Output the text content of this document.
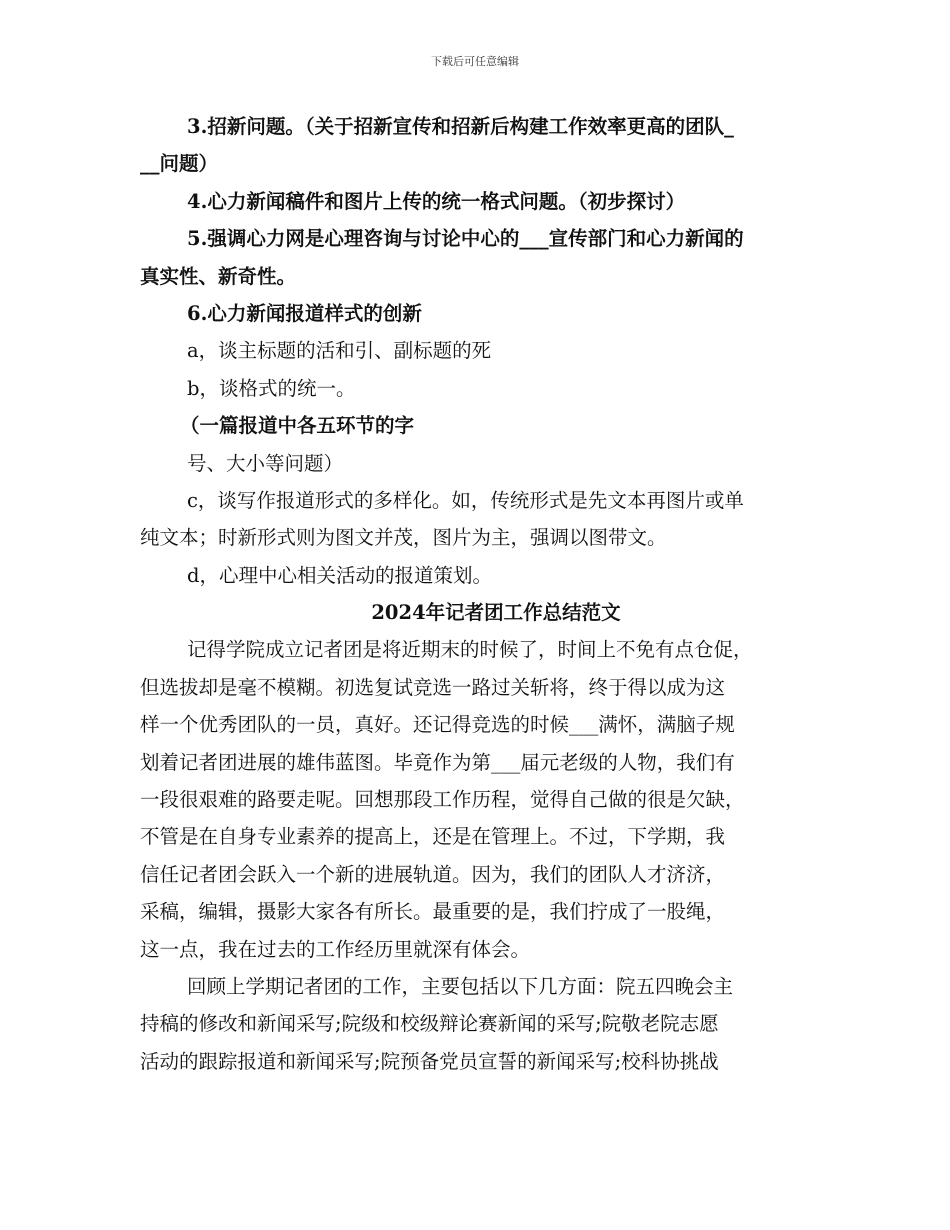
下载后可任意编辑
3.招新问题。（关于招新宣传和招新后构建工作效率更高的团队_
__问题）
4.心力新闻稿件和图片上传的统一格式问题。（初步探讨）
5.强调心力网是心理咨询与讨论中心的___宣传部门和心力新闻的
真实性、新奇性。
6.心力新闻报道样式的创新
a，谈主标题的活和引、副标题的死
b，谈格式的统一。
（一篇报道中各五环节的字
号、大小等问题）
c，谈写作报道形式的多样化。如，传统形式是先文本再图片或单
纯文本；时新形式则为图文并茂，图片为主，强调以图带文。
d，心理中心相关活动的报道策划。
2024年记者团工作总结范文
记得学院成立记者团是将近期末的时候了，时间上不免有点仓促，
但选拔却是毫不模糊。初选复试竞选一路过关斩将，终于得以成为这
样一个优秀团队的一员，真好。还记得竞选的时候___满怀，满脑子规
划着记者团进展的雄伟蓝图。毕竟作为第___届元老级的人物，我们有
一段很艰难的路要走呢。回想那段工作历程，觉得自己做的很是欠缺，
不管是在自身专业素养的提高上，还是在管理上。不过，下学期，我
信任记者团会跃入一个新的进展轨道。因为，我们的团队人才济济，
采稿，编辑，摄影大家各有所长。最重要的是，我们拧成了一股绳，
这一点，我在过去的工作经历里就深有体会。
回顾上学期记者团的工作，主要包括以下几方面：院五四晚会主
持稿的修改和新闻采写;院级和校级辩论赛新闻的采写;院敬老院志愿
活动的跟踪报道和新闻采写;院预备党员宣誓的新闻采写;校科协挑战
